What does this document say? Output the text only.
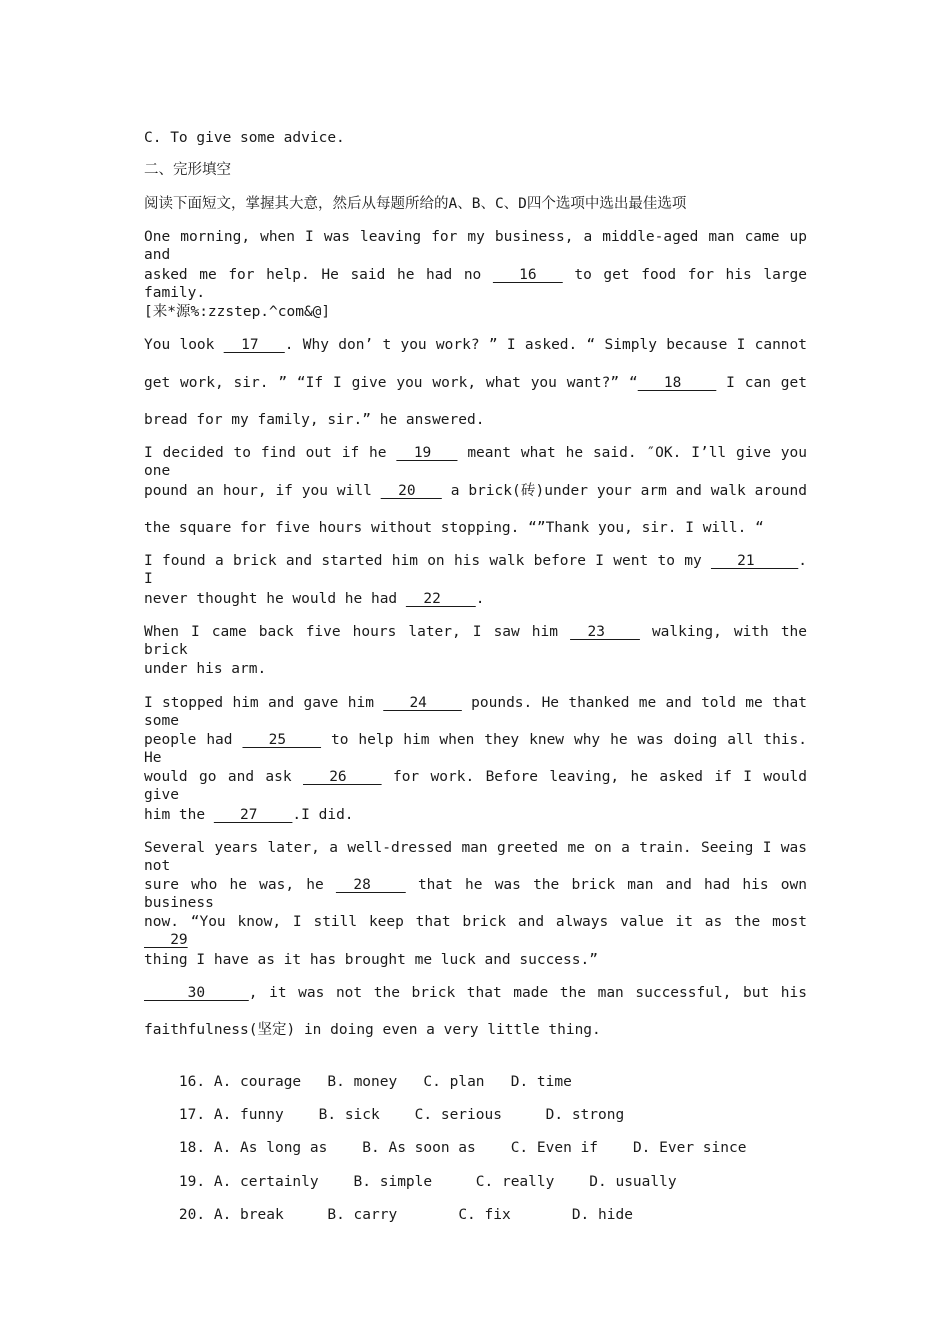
C. To give some advice.
二、完形填空
阅读下面短文，掌握其大意，然后从每题所给的A、B、C、D四个选项中选出最佳选项
One morning, when I was leaving for my business, a middle-aged man came up and
asked me for help. He said he had no    16    to get food for his large family.
[来*源%:zzstep.^com&@]
You look   17   . Why don’ t you work? ” I asked. “ Simply because I cannot
get work, sir. ” “If I give you work, what you want?” “   18     I can get
bread for my family, sir.” he answered.
I decided to find out if he   19    meant what he said. ″OK. I’ll give you one
pound an hour, if you will   20    a brick(砖)under your arm and walk around
the square for five hours without stopping. “”Thank you, sir. I will. “
I found a brick and started him on his walk before I went to my    21     . I
never thought he would he had   22    .
When I came back five hours later, I saw him   23     walking, with the brick
under his arm.
I stopped him and gave him    24     pounds. He thanked me and told me that some
people had    25     to help him when they knew why he was doing all this. He
would go and ask    26     for work. Before leaving, he asked if I would give
him the    27    .I did.
Several years later, a well-dressed man greeted me on a train. Seeing I was not
sure who he was, he   28     that he was the brick man and had his own business
now. “You know, I still keep that brick and always value it as the most    29
thing I have as it has brought me luck and success.”
30     , it was not the brick that made the man successful, but his
faithfulness(坚定) in doing even a very little thing.

16. A. courage B. money C. plan D. time

17. A. funny B. sick C. serious	D. strong

18. A. As long as B. As soon as C. Even if D. Ever since

19. A. certainly B. simple	C. really D. usually

20. A. break	B. carry	C. fix	D. hide
